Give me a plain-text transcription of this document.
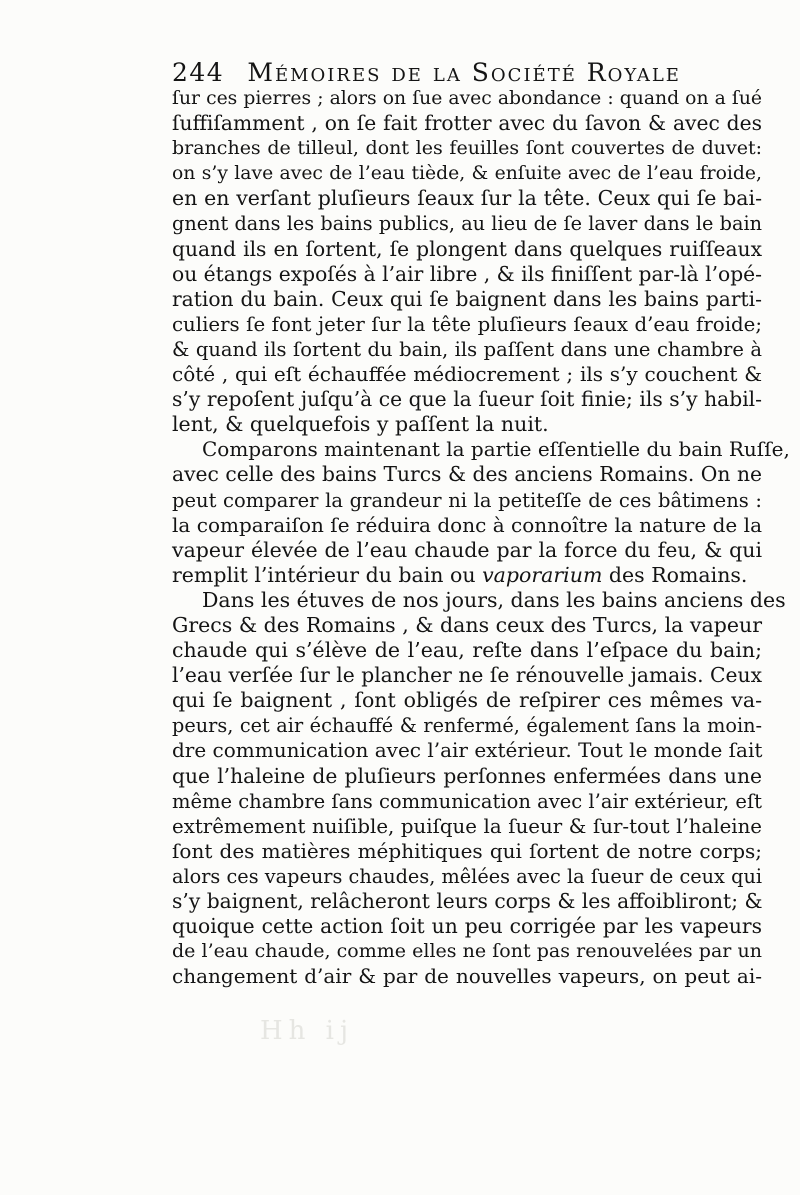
244 Mémoires de la Société Royale
ſur ces pierres ; alors on ſue avec abondance : quand on a ſué
ſuffiſamment , on ſe fait frotter avec du ſavon & avec des
branches de tilleul, dont les feuilles ſont couvertes de duvet:
on s’y lave avec de l’eau tiède, & enſuite avec de l’eau froide,
en en verſant pluſieurs ſeaux ſur la tête. Ceux qui ſe bai-
gnent dans les bains publics, au lieu de ſe laver dans le bain
quand ils en ſortent, ſe plongent dans quelques ruiſſeaux
ou étangs expoſés à l’air libre , & ils finiſſent par-là l’opé-
ration du bain. Ceux qui ſe baignent dans les bains parti-
culiers ſe font jeter ſur la tête pluſieurs ſeaux d’eau froide;
& quand ils ſortent du bain, ils paſſent dans une chambre à
côté , qui eſt échauffée médiocrement ; ils s’y couchent &
s’y repoſent juſqu’à ce que la ſueur ſoit finie; ils s’y habil-
lent, & quelquefois y paſſent la nuit.
Comparons maintenant la partie eſſentielle du bain Ruſſe,
avec celle des bains Turcs & des anciens Romains. On ne
peut comparer la grandeur ni la petiteſſe de ces bâtimens :
la comparaiſon ſe réduira donc à connoître la nature de la
vapeur élevée de l’eau chaude par la force du feu, & qui
remplit l’intérieur du bain ou vaporarium des Romains.
Dans les étuves de nos jours, dans les bains anciens des
Grecs & des Romains , & dans ceux des Turcs, la vapeur
chaude qui s’élève de l’eau, reſte dans l’eſpace du bain;
l’eau verſée ſur le plancher ne ſe rénouvelle jamais. Ceux
qui ſe baignent , ſont obligés de reſpirer ces mêmes va-
peurs, cet air échauffé & renfermé, également ſans la moin-
dre communication avec l’air extérieur. Tout le monde ſait
que l’haleine de pluſieurs perſonnes enfermées dans une
même chambre ſans communication avec l’air extérieur, eſt
extrêmement nuiſible, puiſque la ſueur & ſur-tout l’haleine
ſont des matières méphitiques qui ſortent de notre corps;
alors ces vapeurs chaudes, mêlées avec la ſueur de ceux qui
s’y baignent, relâcheront leurs corps & les affoibliront; &
quoique cette action ſoit un peu corrigée par les vapeurs
de l’eau chaude, comme elles ne ſont pas renouvelées par un
changement d’air & par de nouvelles vapeurs, on peut ai-
Hh ij
